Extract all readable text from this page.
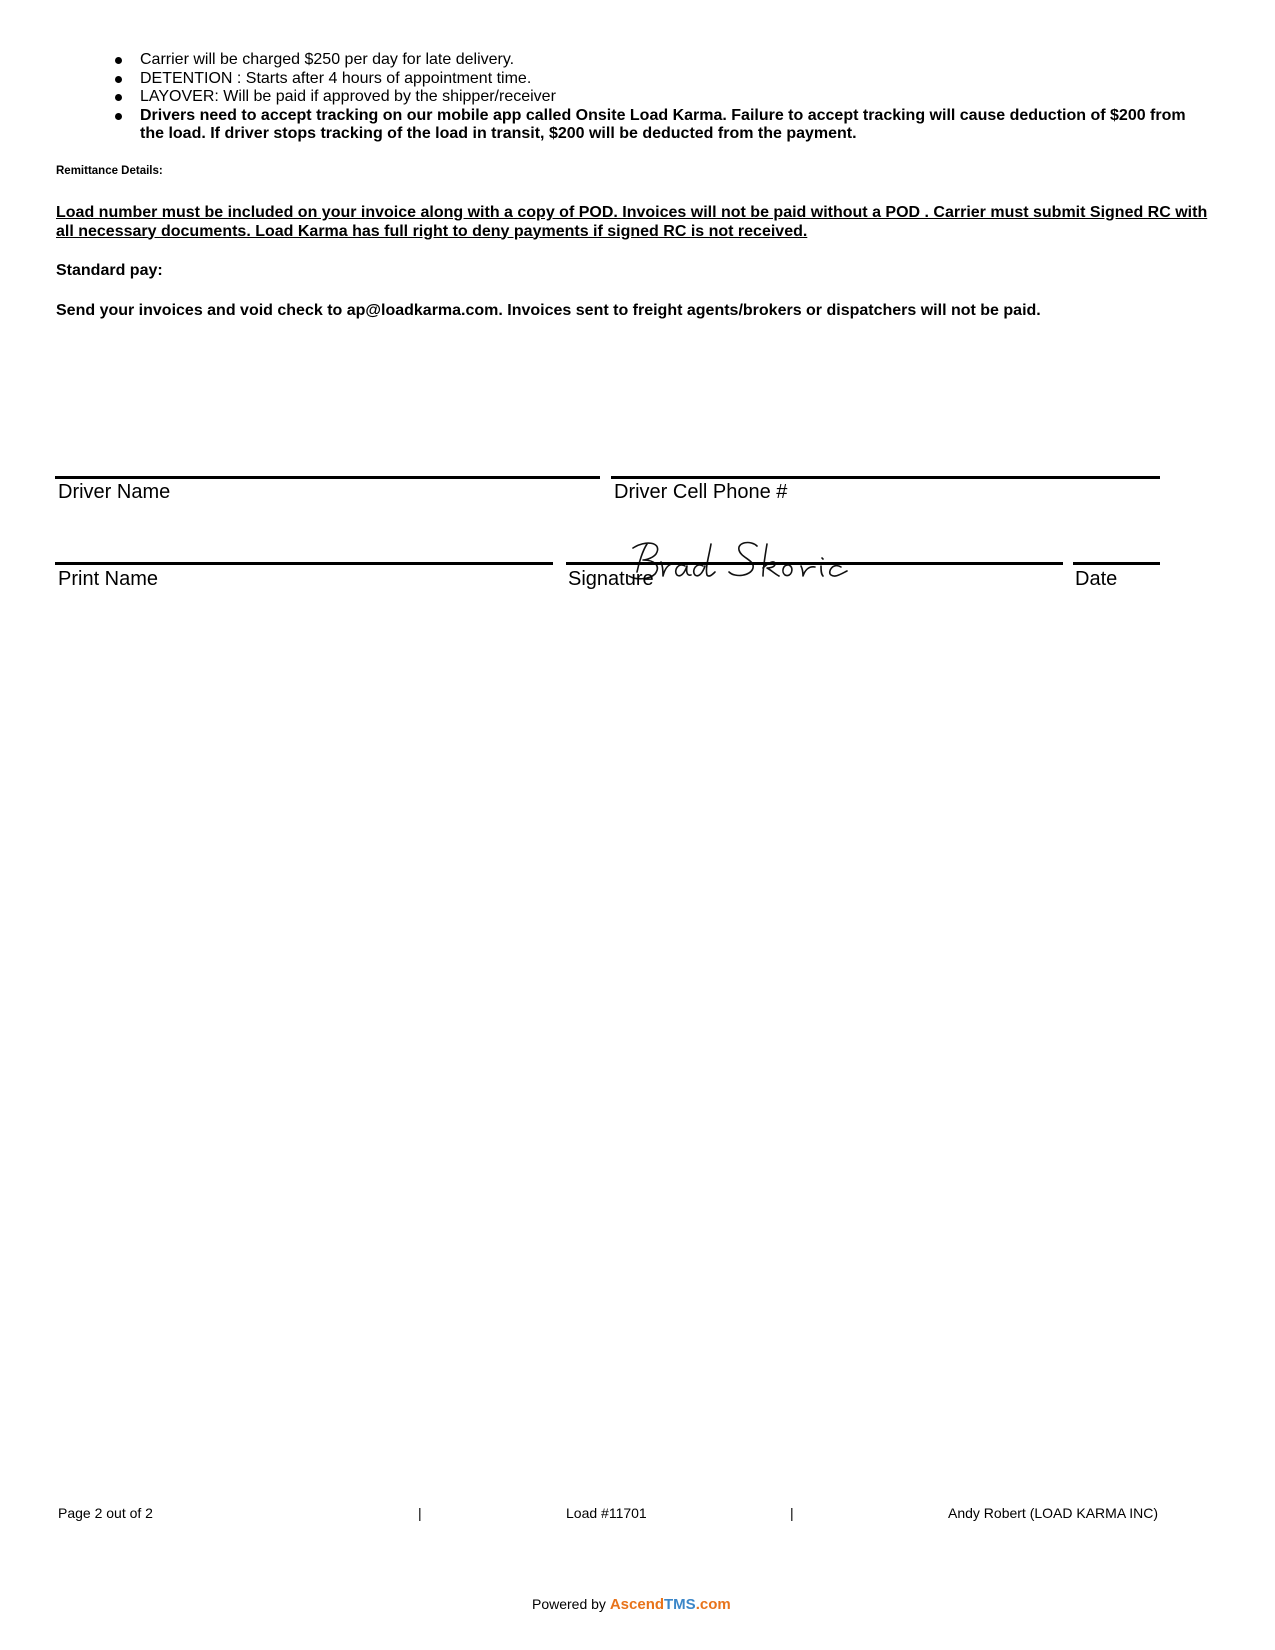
Carrier will be charged $250 per day for late delivery.
DETENTION : Starts after 4 hours of appointment time.
LAYOVER: Will be paid if approved by the shipper/receiver
Drivers need to accept tracking on our mobile app called Onsite Load Karma. Failure to accept tracking will cause deduction of $200 from the load. If driver stops tracking of the load in transit, $200 will be deducted from the payment.
Remittance Details:
Load number must be included on your invoice along with a copy of POD. Invoices will not be paid without a POD . Carrier must submit Signed RC with all necessary documents. Load Karma has full right to deny payments if signed RC is not received.
Standard pay:
Send your invoices and void check to ap@loadkarma.com. Invoices sent to freight agents/brokers or dispatchers will not be paid.
Driver Name	Driver Cell Phone #
Print Name	Signature	Date
Page 2 out of 2	|	Load #11701	|	Andy Robert (LOAD KARMA INC)
Powered by AscendTMS.com
